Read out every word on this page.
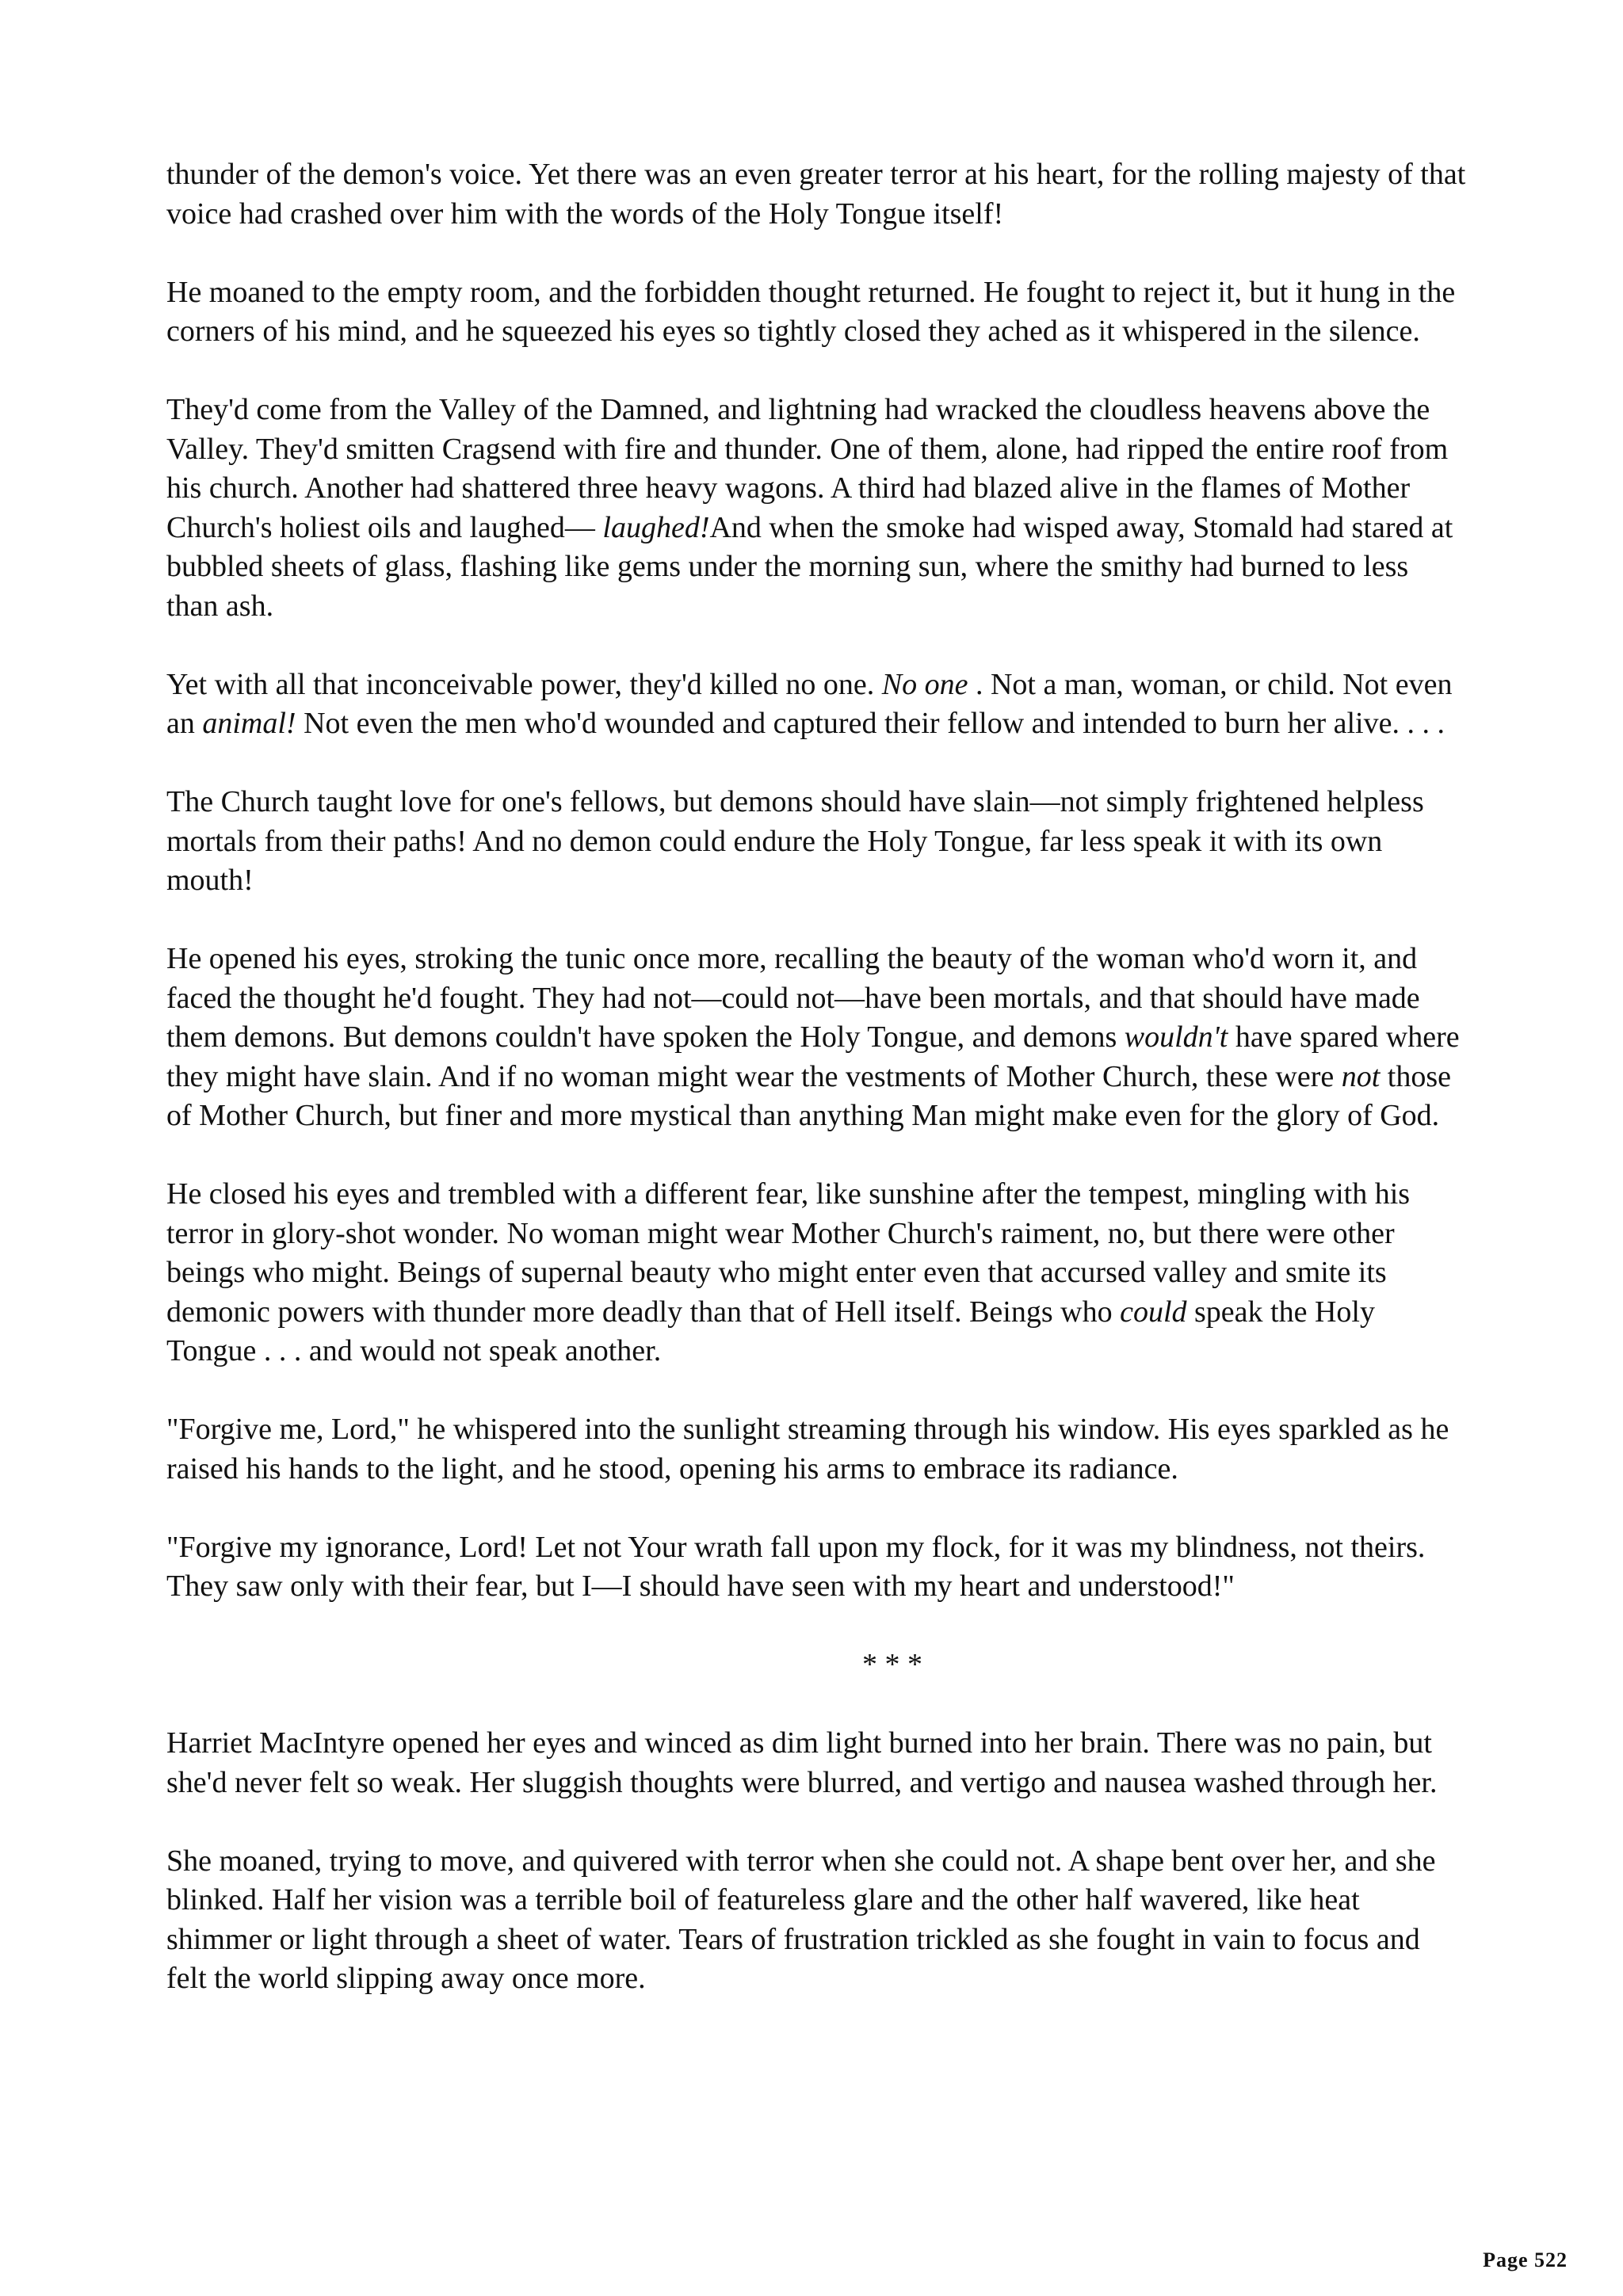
thunder of the demon's voice. Yet there was an even greater terror at his heart, for the rolling majesty of that voice had crashed over him with the words of the Holy Tongue itself!

He moaned to the empty room, and the forbidden thought returned. He fought to reject it, but it hung in the corners of his mind, and he squeezed his eyes so tightly closed they ached as it whispered in the silence.

They'd come from the Valley of the Damned, and lightning had wracked the cloudless heavens above the Valley. They'd smitten Cragsend with fire and thunder. One of them, alone, had ripped the entire roof from his church. Another had shattered three heavy wagons. A third had blazed alive in the flames of Mother Church's holiest oils and laughed— laughed!And when the smoke had wisped away, Stomald had stared at bubbled sheets of glass, flashing like gems under the morning sun, where the smithy had burned to less than ash.

Yet with all that inconceivable power, they'd killed no one. No one . Not a man, woman, or child. Not even an animal! Not even the men who'd wounded and captured their fellow and intended to burn her alive. . . .

The Church taught love for one's fellows, but demons should have slain—not simply frightened helpless mortals from their paths! And no demon could endure the Holy Tongue, far less speak it with its own mouth!

He opened his eyes, stroking the tunic once more, recalling the beauty of the woman who'd worn it, and faced the thought he'd fought. They had not—could not—have been mortals, and that should have made them demons. But demons couldn't have spoken the Holy Tongue, and demons wouldn't have spared where they might have slain. And if no woman might wear the vestments of Mother Church, these were not those of Mother Church, but finer and more mystical than anything Man might make even for the glory of God.

He closed his eyes and trembled with a different fear, like sunshine after the tempest, mingling with his terror in glory-shot wonder. No woman might wear Mother Church's raiment, no, but there were other beings who might. Beings of supernal beauty who might enter even that accursed valley and smite its demonic powers with thunder more deadly than that of Hell itself. Beings who could speak the Holy Tongue . . . and would not speak another.

"Forgive me, Lord," he whispered into the sunlight streaming through his window. His eyes sparkled as he raised his hands to the light, and he stood, opening his arms to embrace its radiance.

"Forgive my ignorance, Lord! Let not Your wrath fall upon my flock, for it was my blindness, not theirs. They saw only with their fear, but I—I should have seen with my heart and understood!"

* * *

Harriet MacIntyre opened her eyes and winced as dim light burned into her brain. There was no pain, but she'd never felt so weak. Her sluggish thoughts were blurred, and vertigo and nausea washed through her.

She moaned, trying to move, and quivered with terror when she could not. A shape bent over her, and she blinked. Half her vision was a terrible boil of featureless glare and the other half wavered, like heat shimmer or light through a sheet of water. Tears of frustration trickled as she fought in vain to focus and felt the world slipping away once more.

Page 522
